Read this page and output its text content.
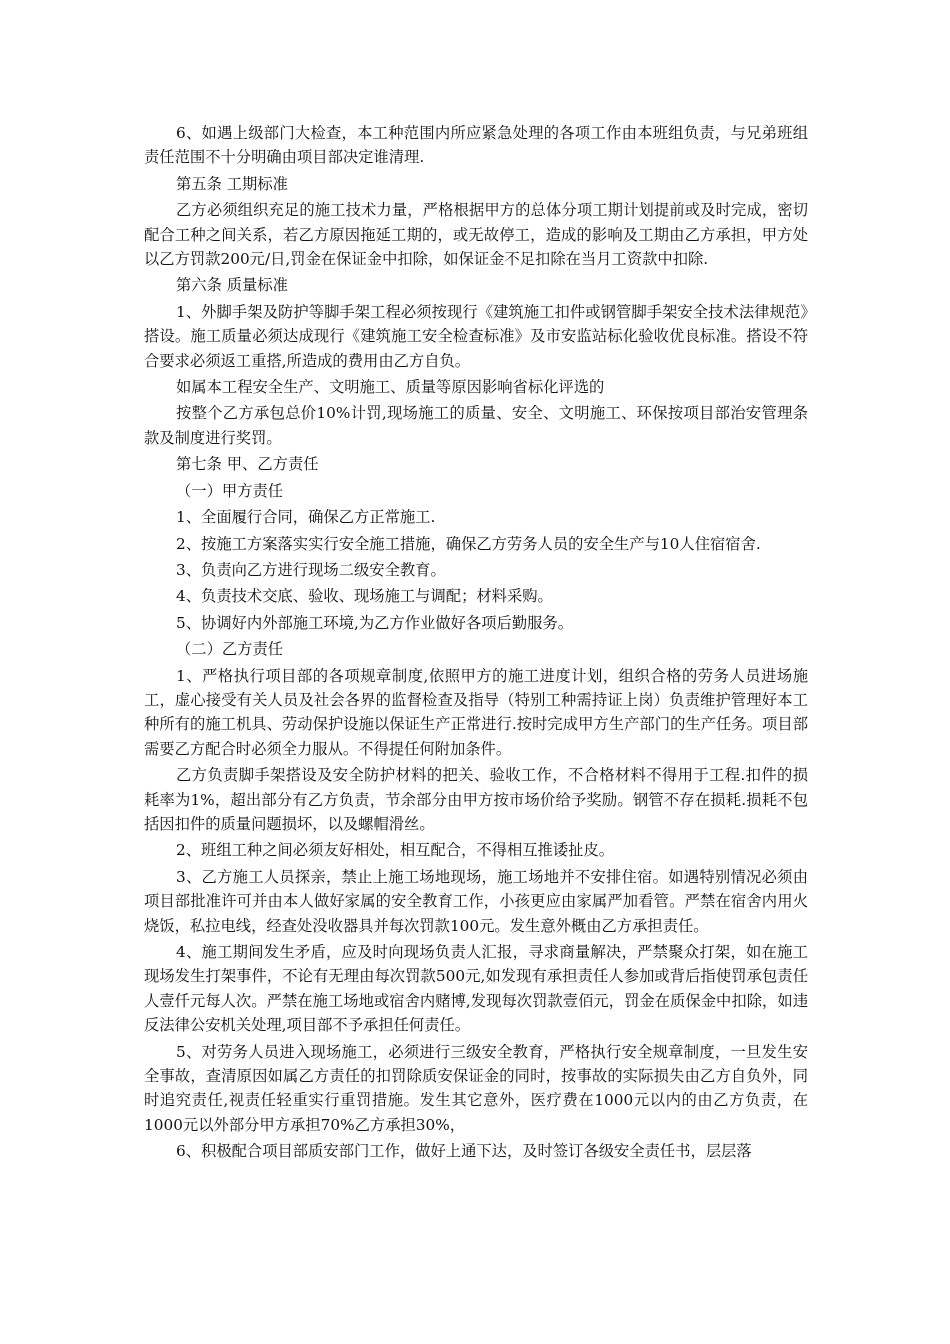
6、如遇上级部门大检查，本工种范围内所应紧急处理的各项工作由本班组负责，与兄弟班组责任范围不十分明确由项目部决定谁清理.

第五条 工期标准

乙方必须组织充足的施工技术力量，严格根据甲方的总体分项工期计划提前或及时完成，密切配合工种之间关系，若乙方原因拖延工期的，或无故停工，造成的影响及工期由乙方承担，甲方处以乙方罚款200元/日,罚金在保证金中扣除，如保证金不足扣除在当月工资款中扣除.

第六条 质量标准

1、外脚手架及防护等脚手架工程必须按现行《建筑施工扣件或钢管脚手架安全技术法律规范》搭设。施工质量必须达成现行《建筑施工安全检查标准》及市安监站标化验收优良标准。搭设不符合要求必须返工重搭,所造成的费用由乙方自负。

如属本工程安全生产、文明施工、质量等原因影响省标化评选的

按整个乙方承包总价10%计罚,现场施工的质量、安全、文明施工、环保按项目部治安管理条款及制度进行奖罚。

第七条 甲、乙方责任

（一）甲方责任

1、全面履行合同，确保乙方正常施工.

2、按施工方案落实实行安全施工措施，确保乙方劳务人员的安全生产与10人住宿宿舍.

3、负责向乙方进行现场二级安全教育。

4、负责技术交底、验收、现场施工与调配；材料采购。

5、协调好内外部施工环境,为乙方作业做好各项后勤服务。

（二）乙方责任

1、严格执行项目部的各项规章制度,依照甲方的施工进度计划，组织合格的劳务人员进场施工，虚心接受有关人员及社会各界的监督检查及指导（特别工种需持证上岗）负责维护管理好本工种所有的施工机具、劳动保护设施以保证生产正常进行.按时完成甲方生产部门的生产任务。项目部需要乙方配合时必须全力服从。不得提任何附加条件。

乙方负责脚手架搭设及安全防护材料的把关、验收工作，不合格材料不得用于工程.扣件的损耗率为1%，超出部分有乙方负责，节余部分由甲方按市场价给予奖励。钢管不存在损耗.损耗不包括因扣件的质量问题损坏，以及螺帽滑丝。

2、班组工种之间必须友好相处，相互配合，不得相互推诿扯皮。

3、乙方施工人员探亲，禁止上施工场地现场，施工场地并不安排住宿。如遇特别情况必须由项目部批准许可并由本人做好家属的安全教育工作，小孩更应由家属严加看管。严禁在宿舍内用火烧饭，私拉电线，经查处没收器具并每次罚款100元。发生意外概由乙方承担责任。

4、施工期间发生矛盾，应及时向现场负责人汇报，寻求商量解决，严禁聚众打架，如在施工现场发生打架事件，不论有无理由每次罚款500元,如发现有承担责任人参加或背后指使罚承包责任人壹仟元每人次。严禁在施工场地或宿舍内赌博,发现每次罚款壹佰元，罚金在质保金中扣除，如违反法律公安机关处理,项目部不予承担任何责任。

5、对劳务人员进入现场施工，必须进行三级安全教育，严格执行安全规章制度，一旦发生安全事故，查清原因如属乙方责任的扣罚除质安保证金的同时，按事故的实际损失由乙方自负外，同时追究责任,视责任轻重实行重罚措施。发生其它意外，医疗费在1000元以内的由乙方负责，在1000元以外部分甲方承担70%乙方承担30%，

6、积极配合项目部质安部门工作，做好上通下达，及时签订各级安全责任书，层层落
